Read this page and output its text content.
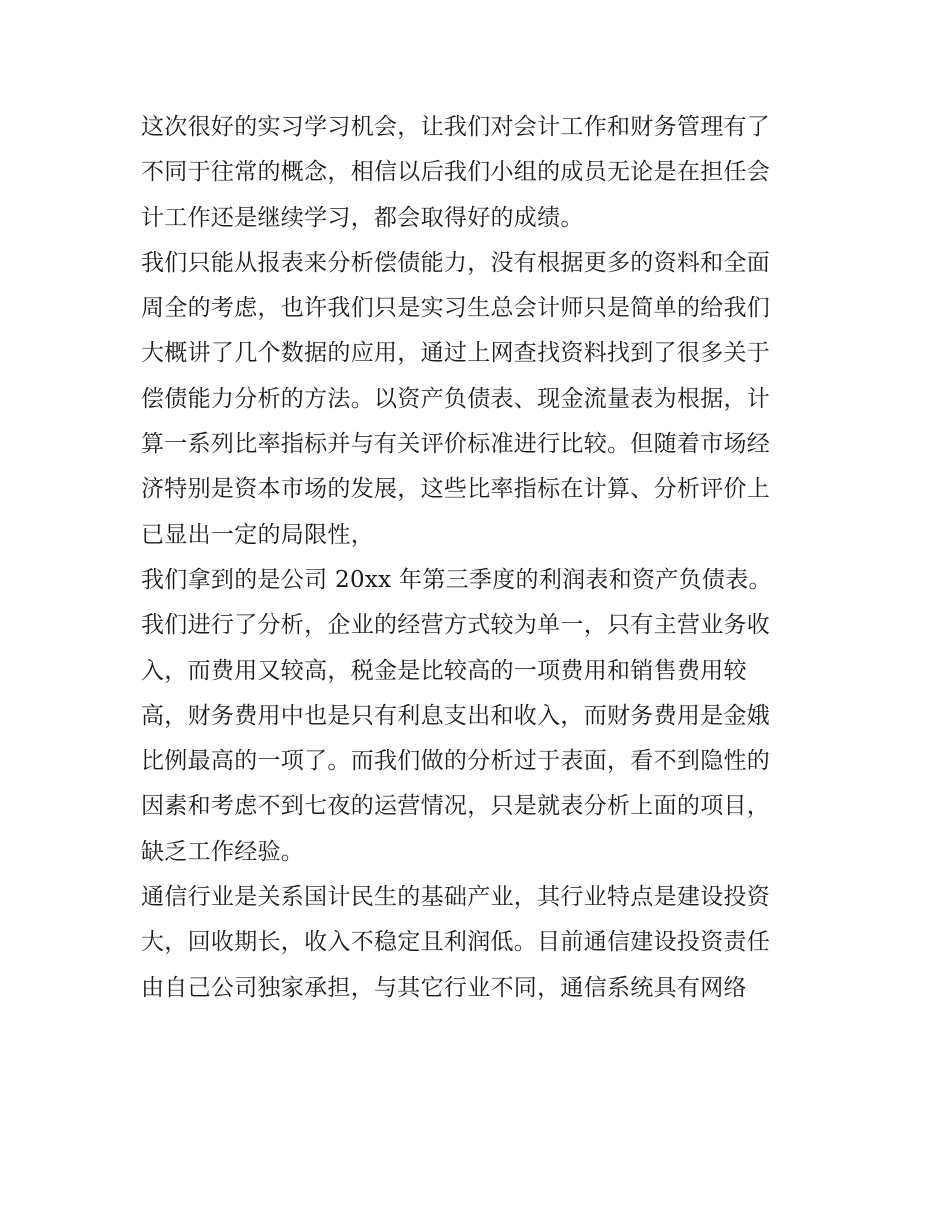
这次很好的实习学习机会，让我们对会计工作和财务管理有了
不同于往常的概念，相信以后我们小组的成员无论是在担任会
计工作还是继续学习，都会取得好的成绩。
我们只能从报表来分析偿债能力，没有根据更多的资料和全面
周全的考虑，也许我们只是实习生总会计师只是简单的给我们
大概讲了几个数据的应用，通过上网查找资料找到了很多关于
偿债能力分析的方法。以资产负债表、现金流量表为根据，计
算一系列比率指标并与有关评价标准进行比较。但随着市场经
济特别是资本市场的发展，这些比率指标在计算、分析评价上
已显出一定的局限性，
我们拿到的是公司 20xx 年第三季度的利润表和资产负债表。
我们进行了分析，企业的经营方式较为单一，只有主营业务收
入，而费用又较高，税金是比较高的一项费用和销售费用较
高，财务费用中也是只有利息支出和收入，而财务费用是金娥
比例最高的一项了。而我们做的分析过于表面，看不到隐性的
因素和考虑不到七夜的运营情况，只是就表分析上面的项目，
缺乏工作经验。
通信行业是关系国计民生的基础产业，其行业特点是建设投资
大，回收期长，收入不稳定且利润低。目前通信建设投资责任
由自己公司独家承担，与其它行业不同，通信系统具有网络
